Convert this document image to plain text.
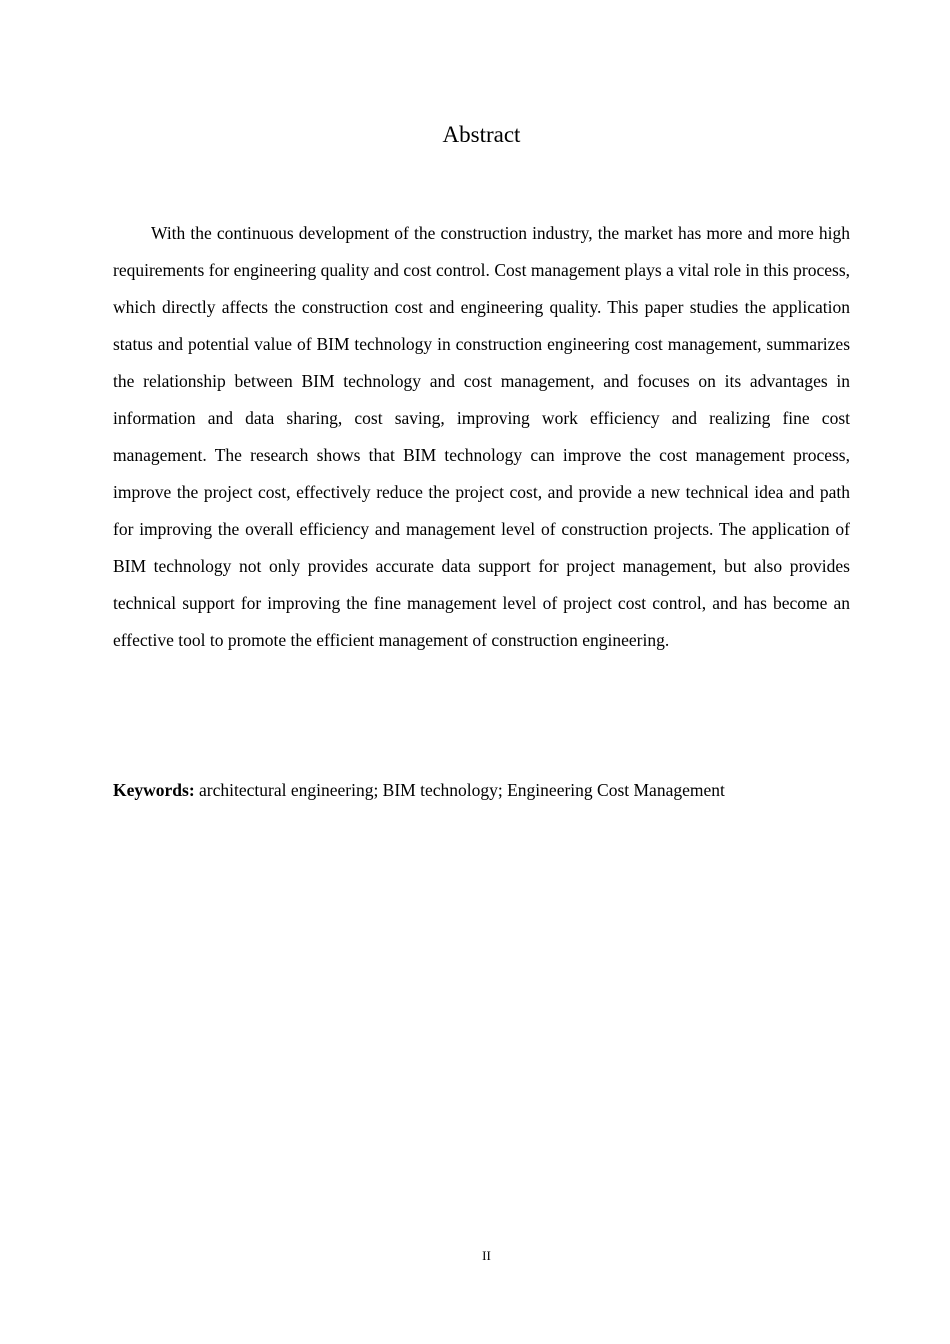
Abstract

With the continuous development of the construction industry, the market has more and more high requirements for engineering quality and cost control. Cost management plays a vital role in this process, which directly affects the construction cost and engineering quality. This paper studies the application status and potential value of BIM technology in construction engineering cost management, summarizes the relationship between BIM technology and cost management, and focuses on its advantages in information and data sharing, cost saving, improving work efficiency and realizing fine cost management. The research shows that BIM technology can improve the cost management process, improve the project cost, effectively reduce the project cost, and provide a new technical idea and path for improving the overall efficiency and management level of construction projects. The application of BIM technology not only provides accurate data support for project management, but also provides technical support for improving the fine management level of project cost control, and has become an effective tool to promote the efficient management of construction engineering.

Keywords: architectural engineering; BIM technology; Engineering Cost Management

II
